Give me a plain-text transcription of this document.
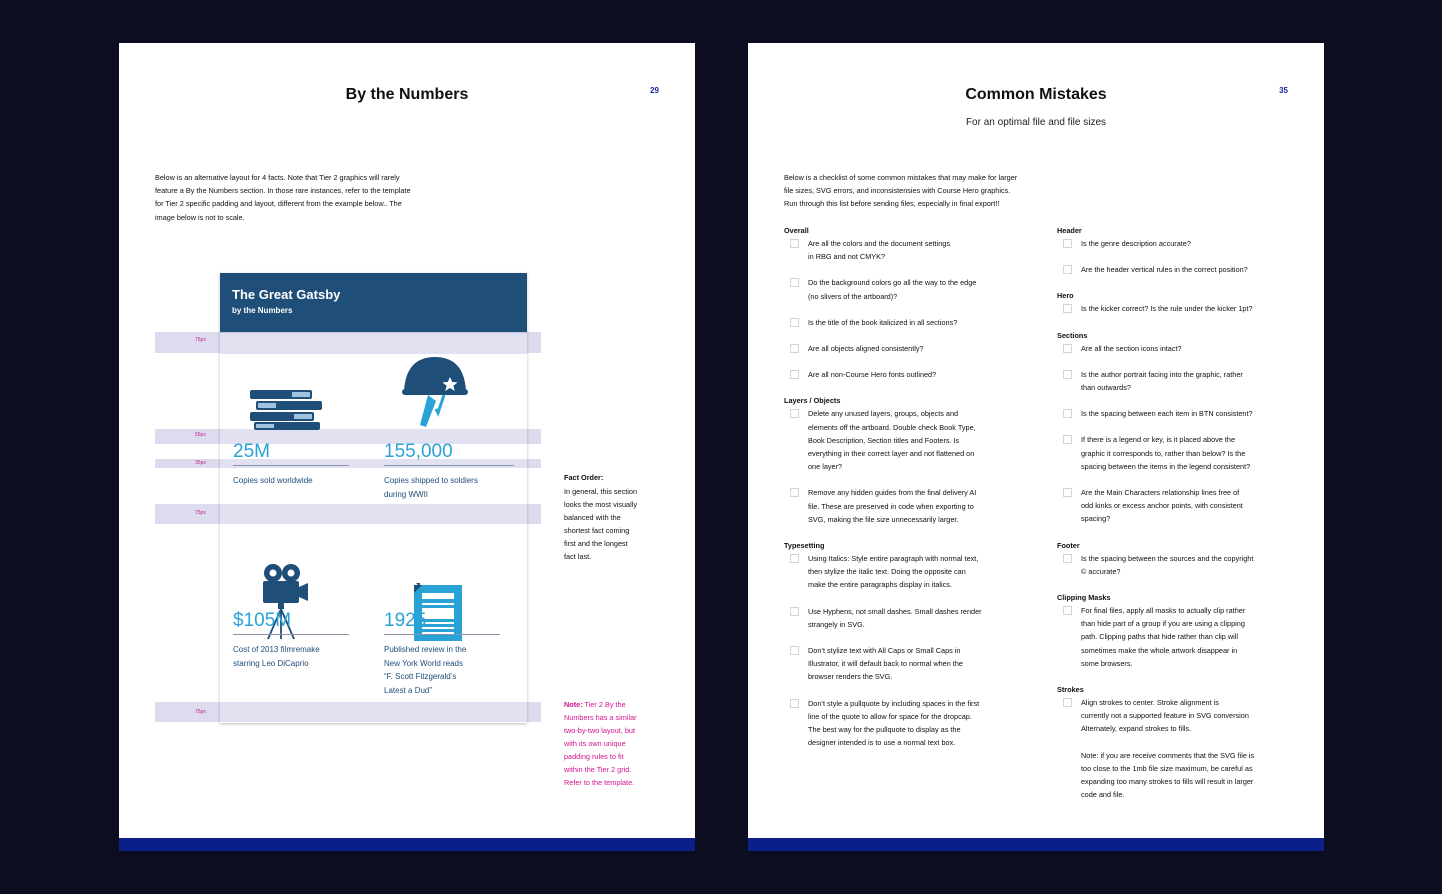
By the Numbers	29

Below is an alternative layout for 4 facts. Note that Tier 2 graphics will rarely

feature a By the Numbers section. In those rare instances, refer to the template

for Tier 2 specific padding and layout, different from the example below.. The

image below is not to scale.

75px
55px
35px
75px
75px
The Great Gatsby
by the Numbers
25M
Copies sold worldwide
155,000
Copies shipped to soldiers
during WWII
$105M
Cost of 2013 filmremake
starring Leo DiCaprio
1925
Published review in the
New York World reads
“F. Scott Fitzgerald’s
Latest a Dud”
Fact Order:
In general, this section
looks the most visually
balanced with the
shortest fact coming
first and the longest
fact last.
Note: Tier 2 By the
Numbers has a similar
two-by-two layout, but
with its own unique
padding rules to fit
within the Tier 2 grid.
Refer to the template.
Common Mistakes
For an optimal file and file sizes
35

Below is a checklist of some common mistakes that may make for larger

file sizes, SVG errors, and inconsistensies with Course Hero graphics.

Run through this list before sending files, especially in final export!!

Overall
Are all the colors and the document settings
in RBG and not CMYK?
Do the background colors go all the way to the edge
(no slivers of the artboard)?
Is the title of the book italicized in all sections?
Are all objects aligned consistently?
Are all non-Course Hero fonts outlined?
Layers / Objects
Delete any unused layers, groups, objects and
elements off the artboard. Double check Book Type,
Book Description, Section titles and Footers. Is
everything in their correct layer and not flattened on
one layer?
Remove any hidden guides from the final delivery AI
file. These are preserved in code when exporting to
SVG, making the file size unnecessarily larger.
Typesetting
Using Italics: Style entire paragraph with normal text,
then stylize the italic text. Doing the opposite can
make the entire paragraphs display in italics.
Use Hyphens, not small dashes. Small dashes render
strangely in SVG.
Don’t stylize text with All Caps or Small Caps in
Illustrator, it will default back to normal when the
browser renders the SVG.
Don’t style a pullquote by including spaces in the first
line of the quote to allow for space for the dropcap.
The best way for the pullquote to display as the
designer intended is to use a normal text box.
Header
Is the genre description accurate?
Are the header vertical rules in the correct position?
Hero
Is the kicker correct? Is the rule under the kicker 1pt?
Sections
Are all the section icons intact?
Is the author portrait facing into the graphic, rather
than outwards?
Is the spacing between each item in BTN consistent?
If there is a legend or key, is it placed above the
graphic it corresponds to, rather than below? Is the
spacing between the items in the legend consistent?
Are the Main Characters relationship lines free of
odd kinks or excess anchor points, with consistent
spacing?
Footer
Is the spacing between the sources and the copyright
© accurate?
Clipping Masks
For final files, apply all masks to actually clip rather
than hide part of a group if you are using a clipping
path. Clipping paths that hide rather than clip will
sometimes make the whole artwork disappear in
some browsers.
Strokes
Align strokes to center. Stroke alignment is
currently not a supported feature in SVG conversion
Alternately, expand strokes to fills.
Note: if you are receive comments that the SVG file is
too close to the 1mb file size maximum, be careful as
expanding too many strokes to fills will result in larger
code and file.
